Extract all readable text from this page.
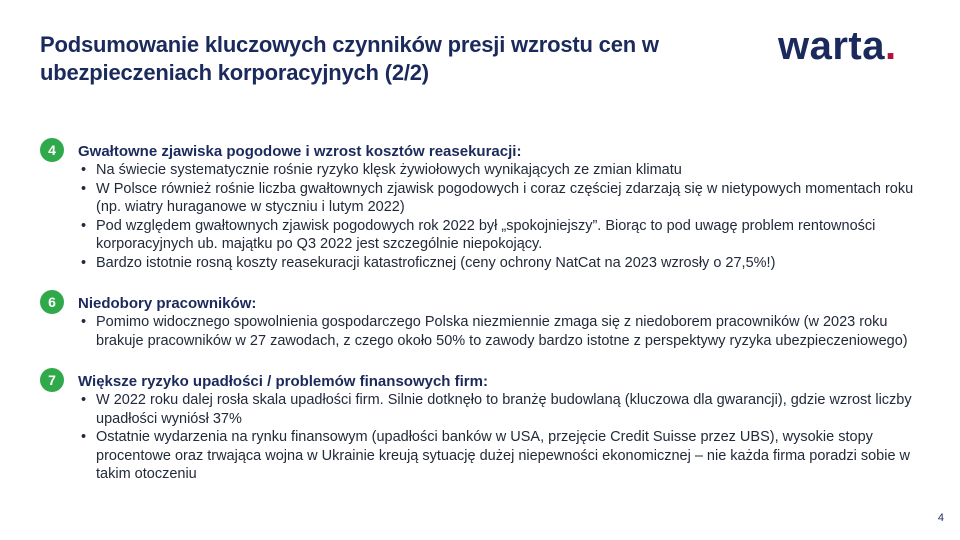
Podsumowanie kluczowych czynników presji wzrostu cen w ubezpieczeniach korporacyjnych (2/2)
warta.
4	Gwałtowne zjawiska pogodowe i wzrost kosztów reasekuracji:
• Na świecie systematycznie rośnie ryzyko klęsk żywiołowych wynikających ze zmian klimatu
• W Polsce również rośnie liczba gwałtownych zjawisk pogodowych i coraz częściej zdarzają się w nietypowych momentach roku (np. wiatry huraganowe w styczniu i lutym 2022)
• Pod względem gwałtownych zjawisk pogodowych rok 2022 był „spokojniejszy”. Biorąc to pod uwagę problem rentowności korporacyjnych ub. majątku po Q3 2022 jest szczególnie niepokojący.
• Bardzo istotnie rosną koszty reasekuracji katastroficznej (ceny ochrony NatCat na 2023 wzrosły o 27,5%!)
6	Niedobory pracowników:
• Pomimo widocznego spowolnienia gospodarczego Polska niezmiennie zmaga się z niedoborem pracowników (w 2023 roku brakuje pracowników w 27 zawodach, z czego około 50% to zawody bardzo istotne z perspektywy ryzyka ubezpieczeniowego)
7	Większe ryzyko upadłości / problemów finansowych firm:
• W 2022 roku dalej rosła skala upadłości firm. Silnie dotknęło to branżę budowlaną (kluczowa dla gwarancji), gdzie wzrost liczby upadłości wyniósł 37%
• Ostatnie wydarzenia na rynku finansowym (upadłości banków w USA, przejęcie Credit Suisse przez UBS), wysokie stopy procentowe oraz trwająca wojna w Ukrainie kreują sytuację dużej niepewności ekonomicznej – nie każda firma poradzi sobie w takim otoczeniu
4
